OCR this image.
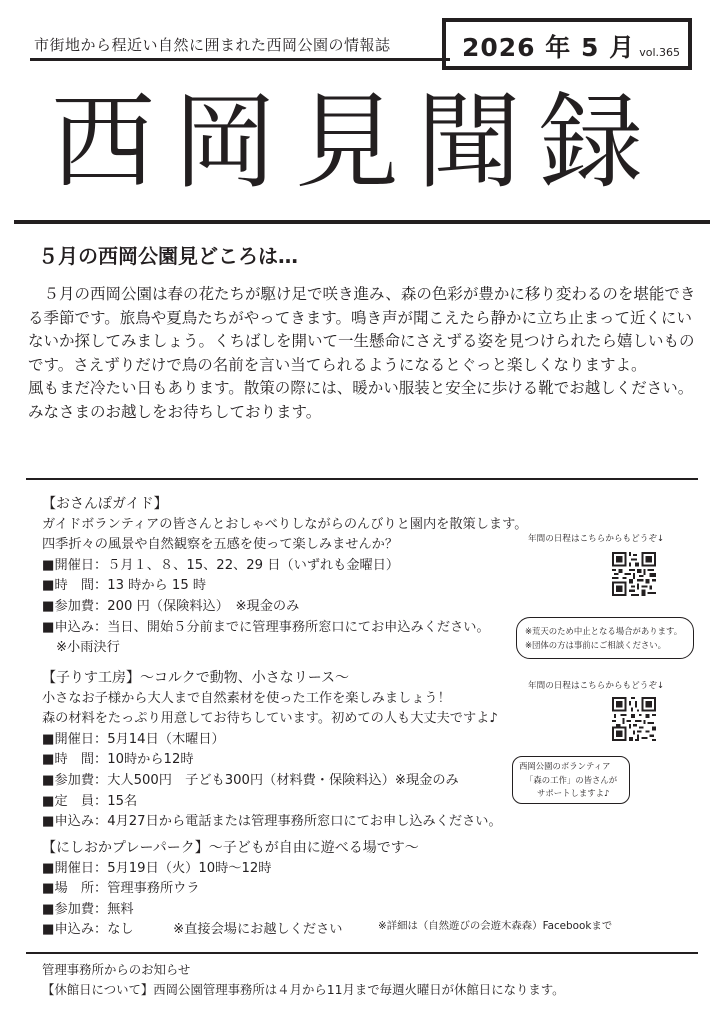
市街地から程近い自然に囲まれた西岡公園の情報誌	2026 年 5 月 vol.365
西岡見聞録
５月の西岡公園見どころは…

５月の西岡公園は春の花たちが駆け足で咲き進み、森の色彩が豊かに移り変わるのを堪能できる季節です。旅鳥や夏鳥たちがやってきます。鳴き声が聞こえたら静かに立ち止まって近くにいないか探してみましょう。くちばしを開いて一生懸命にさえずる姿を見つけられたら嬉しいものです。さえずりだけで鳥の名前を言い当てられるようになるとぐっと楽しくなりますよ。

風もまだ冷たい日もあります。散策の際には、暖かい服装と安全に歩ける靴でお越しください。みなさまのお越しをお待ちしております。

【おさんぽガイド】
ガイドボランティアの皆さんとおしゃべりしながらのんびりと園内を散策します。
四季折々の風景や自然観察を五感を使って楽しみませんか？
■開催日：５月１、８、15、22、29 日（いずれも金曜日）
■時　間：13 時から 15 時
■参加費：200 円（保険料込）　※現金のみ
■申込み：当日、開始５分前までに管理事務所窓口にてお申込みください。
※小雨決行
年間の日程はこちらからもどうぞ↓
※荒天のため中止となる場合があります。
※団体の方は事前にご相談ください。
【子りす工房】～コルクで動物、小さなリース～
小さなお子様から大人まで自然素材を使った工作を楽しみましょう！
森の材料をたっぷり用意してお待ちしています。初めての人も大丈夫ですよ♪
■開催日：5月14日（木曜日）
■時　間：10時から12時
■参加費：大人500円　子ども300円（材料費・保険料込）※現金のみ
■定　員：15名
■申込み：4月27日から電話または管理事務所窓口にてお申し込みください。
年間の日程はこちらからもどうぞ↓
西岡公園のボランティア
「森の工作」の皆さんが
サポートしますよ♪
【にしおかプレーパーク】～子どもが自由に遊べる場です～
■開催日：5月19日（火）10時～12時
■場　所：管理事務所ウラ
■参加費：無料
■申込み：なし　　　※直接会場にお越しください	※詳細は（自然遊びの会遊木森森）Facebookまで
管理事務所からのお知らせ
【休館日について】西岡公園管理事務所は４月から11月まで毎週火曜日が休館日になります。
